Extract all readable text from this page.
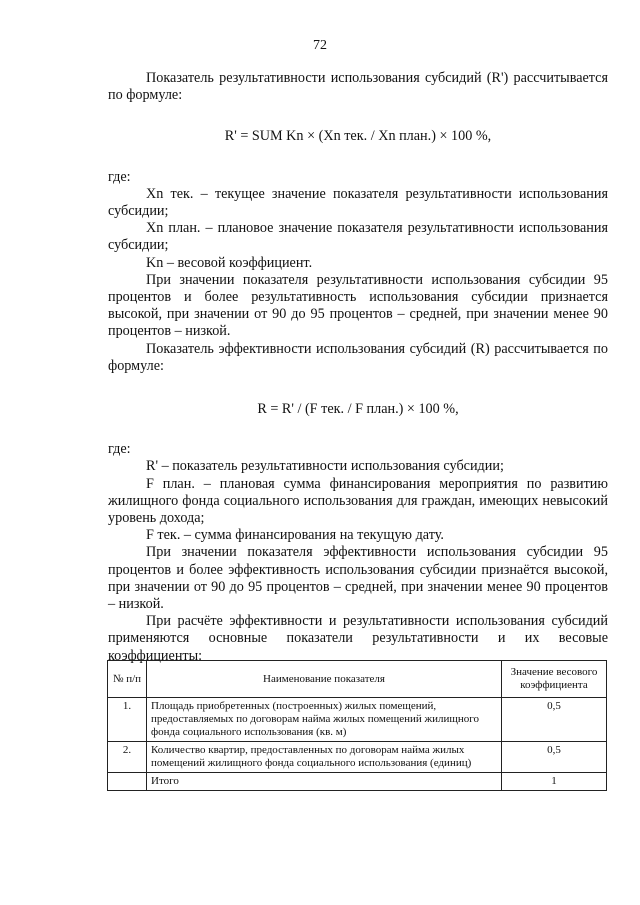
72

Показатель результативности использования субсидий (R') рассчитывается по формуле:

R' = SUM Kn × (Xn тек. / Xn план.) × 100 %,

где:

Xn тек. – текущее значение показателя результативности использования субсидии;

Xn план. – плановое значение показателя результативности использования субсидии;

Kn – весовой коэффициент.

При значении показателя результативности использования субсидии 95 процентов и более результативность использования субсидии признается высокой, при значении от 90 до 95 процентов – средней, при значении менее 90 процентов – низкой.

Показатель эффективности использования субсидий (R) рассчитывается по формуле:

R = R' / (F тек. / F план.) × 100 %,

где:

R' – показатель результативности использования субсидии;

F план. – плановая сумма финансирования мероприятия по развитию жилищного фонда социального использования для граждан, имеющих невысокий уровень дохода;

F тек. – сумма финансирования на текущую дату.

При значении показателя эффективности использования субсидии 95 процентов и более эффективность использования субсидии признаётся высокой, при значении от 90 до 95 процентов – средней, при значении менее 90 процентов – низкой.

При расчёте эффективности и результативности использования субсидий применяются основные показатели результативности и их весовые коэффициенты:

№ п/п	Наименование показателя	Значение весового коэффициента
1.	Площадь приобретенных (построенных) жилых помещений, предоставляемых по договорам найма жилых помещений жилищного фонда социального использования (кв. м)	0,5
2.	Количество квартир, предоставленных по договорам найма жилых помещений жилищного фонда социального использования (единиц)	0,5
	Итого	1
